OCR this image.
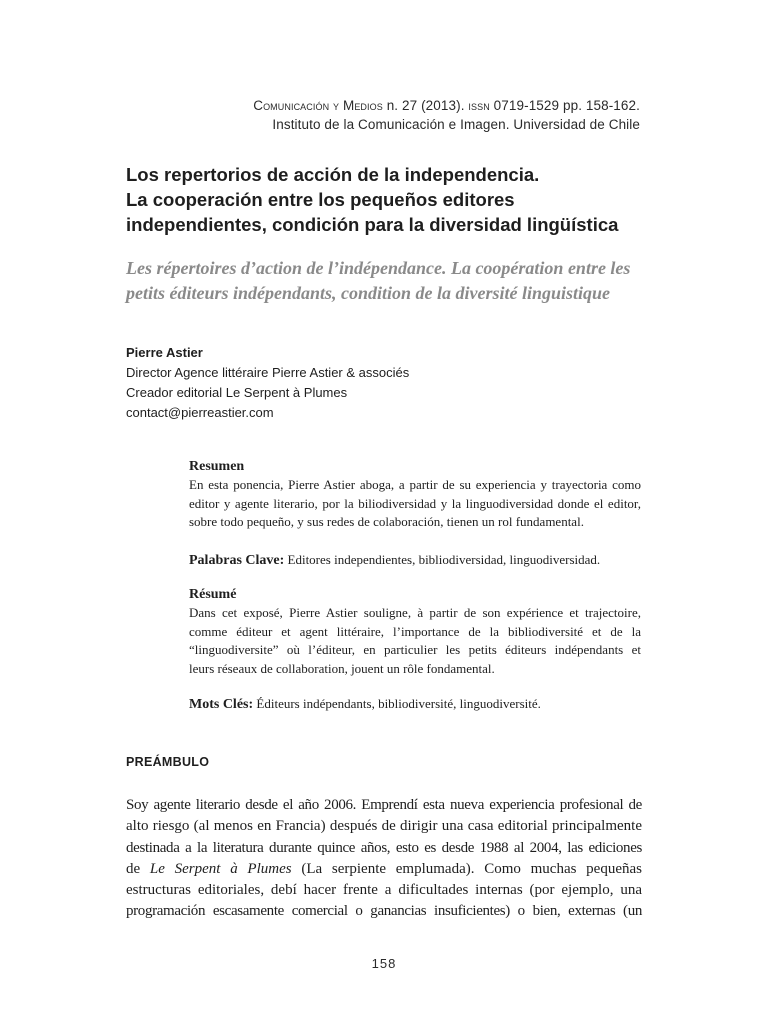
Comunicación y Medios n. 27 (2013). issn 0719-1529 pp. 158-162.
Instituto de la Comunicación e Imagen. Universidad de Chile
Los repertorios de acción de la independencia.
La cooperación entre los pequeños editores
independientes, condición para la diversidad lingüística
Les répertoires d’action de l’indépendance. La coopération entre les
petits éditeurs indépendants, condition de la diversité linguistique
Pierre Astier
Director Agence littéraire Pierre Astier & associés
Creador editorial Le Serpent à Plumes
contact@pierreastier.com
Resumen

En esta ponencia, Pierre Astier aboga, a partir de su experiencia y trayectoria como
editor y agente literario, por la biliodiversidad y la linguodiversidad donde el editor,
sobre todo pequeño, y sus redes de colaboración, tienen un rol fundamental.

Palabras Clave: Editores independientes, bibliodiversidad, linguodiversidad.

Résumé

Dans cet exposé, Pierre Astier souligne, à partir de son expérience et trajectoire,
comme éditeur et agent littéraire, l’importance de la bibliodiversité et de la
“linguodiversite” où l’éditeur, en particulier les petits éditeurs indépendants et
leurs réseaux de collaboration, jouent un rôle fondamental.

Mots Clés: Éditeurs indépendants, bibliodiversité, linguodiversité.

PREÁMBULO
Soy agente literario desde el año 2006. Emprendí esta nueva experiencia profesional de
alto riesgo (al menos en Francia) después de dirigir una casa editorial principalmente
destinada a la literatura durante quince años, esto es desde 1988 al 2004, las ediciones
de Le Serpent à Plumes (La serpiente emplumada). Como muchas pequeñas
estructuras editoriales, debí hacer frente a dificultades internas (por ejemplo, una
programación escasamente comercial o ganancias insuficientes) o bien, externas (un
158
